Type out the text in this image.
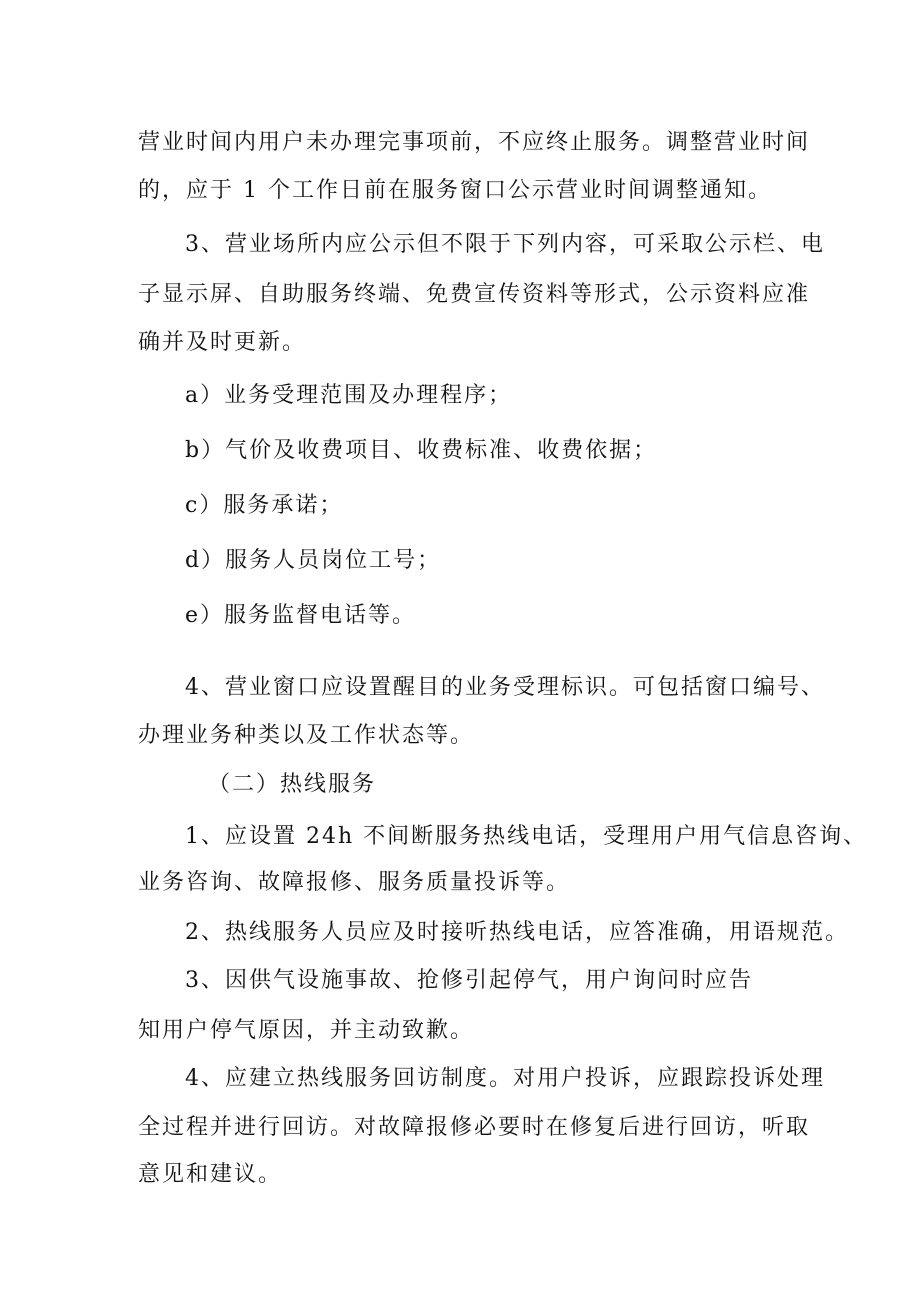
营业时间内用户未办理完事项前，不应终止服务。调整营业时间
的，应于 1 个工作日前在服务窗口公示营业时间调整通知。
3、营业场所内应公示但不限于下列内容，可采取公示栏、电
子显示屏、自助服务终端、免费宣传资料等形式，公示资料应准
确并及时更新。
a）业务受理范围及办理程序；
b）气价及收费项目、收费标准、收费依据；
c）服务承诺；
d）服务人员岗位工号；
e）服务监督电话等。
4、营业窗口应设置醒目的业务受理标识。可包括窗口编号、
办理业务种类以及工作状态等。
（二）热线服务
1、应设置 24h 不间断服务热线电话，受理用户用气信息咨询、
业务咨询、故障报修、服务质量投诉等。
2、热线服务人员应及时接听热线电话，应答准确，用语规范。
3、因供气设施事故、抢修引起停气，用户询问时应告
知用户停气原因，并主动致歉。
4、应建立热线服务回访制度。对用户投诉，应跟踪投诉处理
全过程并进行回访。对故障报修必要时在修复后进行回访，听取
意见和建议。
